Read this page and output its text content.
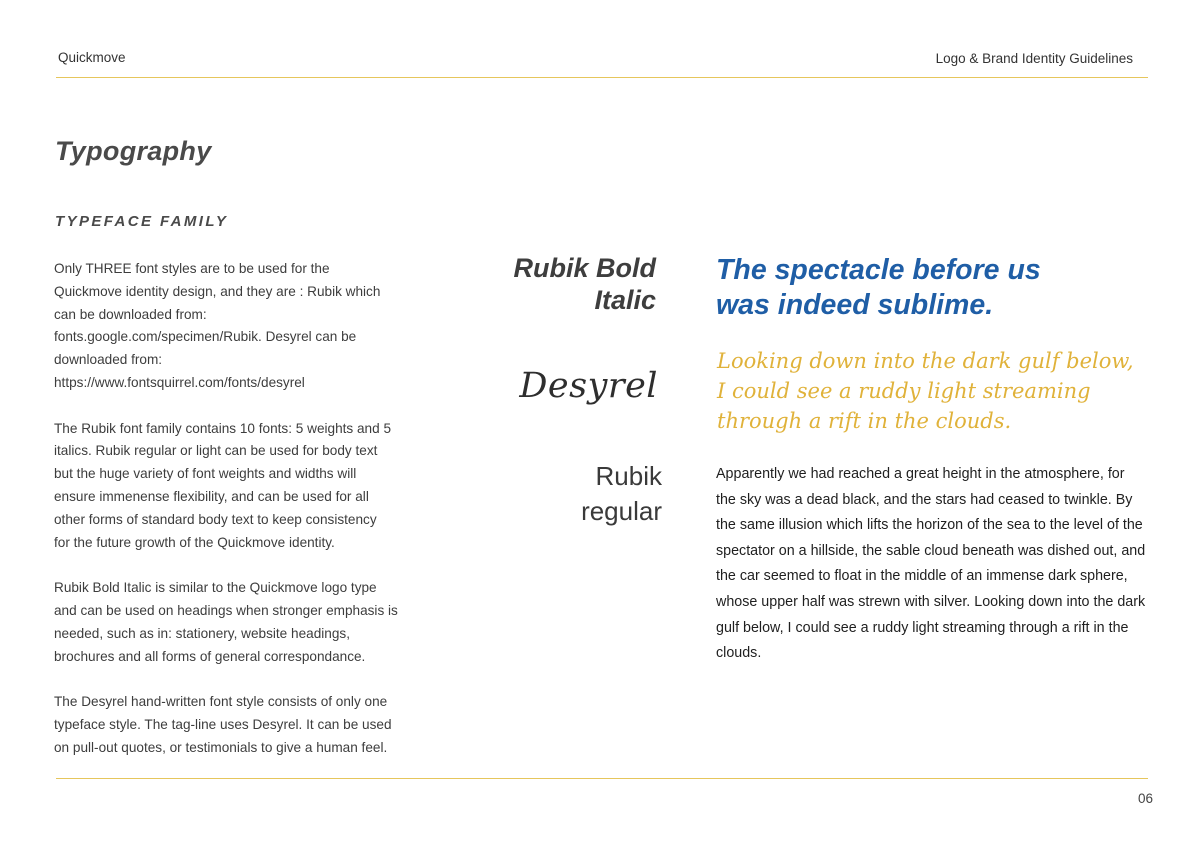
Quickmove	Logo & Brand Identity Guidelines
Typography
TYPEFACE FAMILY

Only THREE font styles are to be used for the
Quickmove identity design, and they are : Rubik which
can be downloaded from:
fonts.google.com/specimen/Rubik. Desyrel can be
downloaded from:
https://www.fontsquirrel.com/fonts/desyrel

The Rubik font family contains 10 fonts: 5 weights and 5
italics. Rubik regular or light can be used for body text
but the huge variety of font weights and widths will
ensure immenense flexibility, and can be used for all
other forms of standard body text to keep consistency
for the future growth of the Quickmove identity.

Rubik Bold Italic is similar to the Quickmove logo type
and can be used on headings when stronger emphasis is
needed, such as in: stationery, website headings,
brochures and all forms of general correspondance.

The Desyrel hand-written font style consists of only one
typeface style. The tag-line uses Desyrel. It can be used
on pull-out quotes, or testimonials to give a human feel.

Rubik Bold
Italic
Desyrel
Rubik
regular
The spectacle before us
was indeed sublime.
Looking down into the dark gulf below,
I could see a ruddy light streaming
through a rift in the clouds.
Apparently we had reached a great height in the atmosphere, for the sky was a dead black, and the stars had ceased to twinkle. By the same illusion which lifts the horizon of the sea to the level of the spectator on a hillside, the sable cloud beneath was dished out, and the car seemed to float in the middle of an immense dark sphere, whose upper half was strewn with silver. Looking down into the dark gulf below, I could see a ruddy light streaming through a rift in the clouds.
06
